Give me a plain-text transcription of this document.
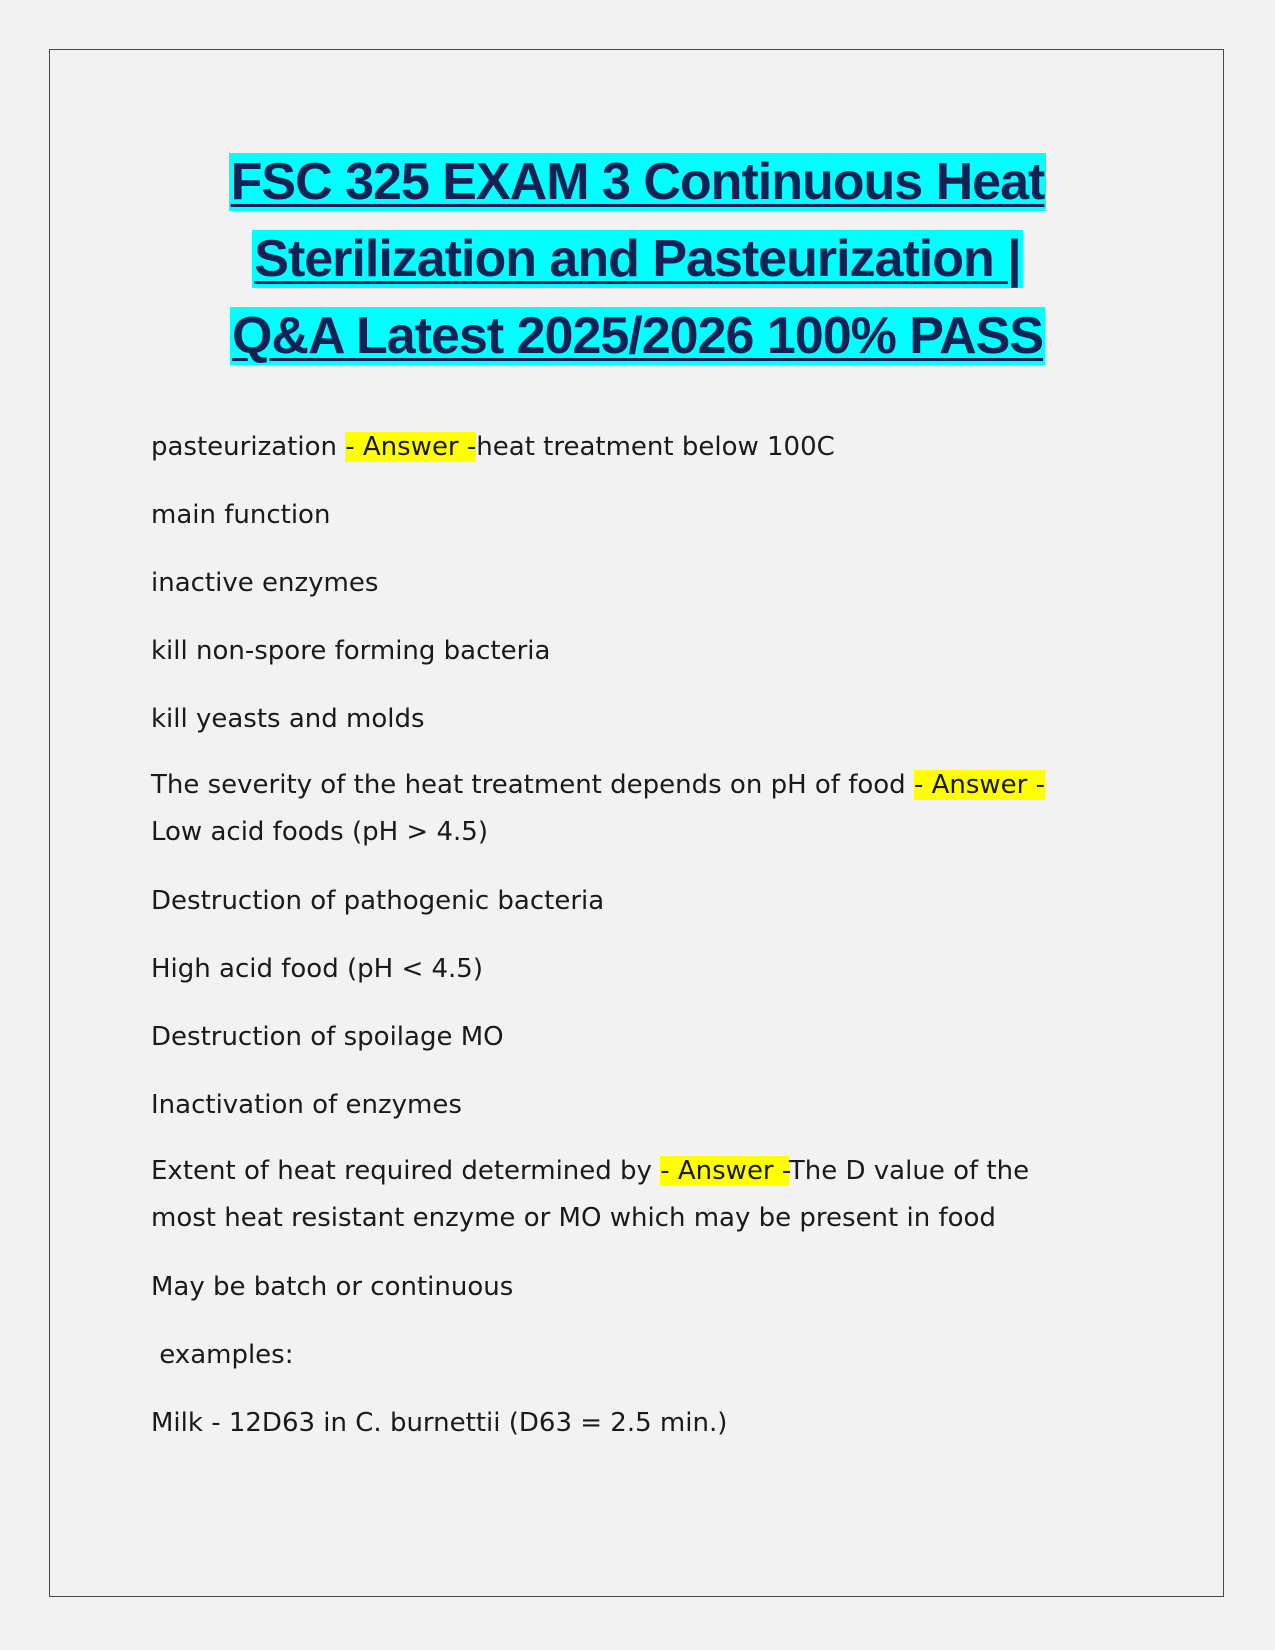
FSC 325 EXAM 3 Continuous Heat
Sterilization and Pasteurization |
Q&A Latest 2025/2026 100% PASS
pasteurization - Answer -heat treatment below 100C
main function
inactive enzymes
kill non-spore forming bacteria
kill yeasts and molds
The severity of the heat treatment depends on pH of food - Answer -
Low acid foods (pH > 4.5)
Destruction of pathogenic bacteria
High acid food (pH < 4.5)
Destruction of spoilage MO
Inactivation of enzymes
Extent of heat required determined by - Answer -The D value of the most heat resistant enzyme or MO which may be present in food
May be batch or continuous
examples:
Milk - 12D63 in C. burnettii (D63 = 2.5 min.)
